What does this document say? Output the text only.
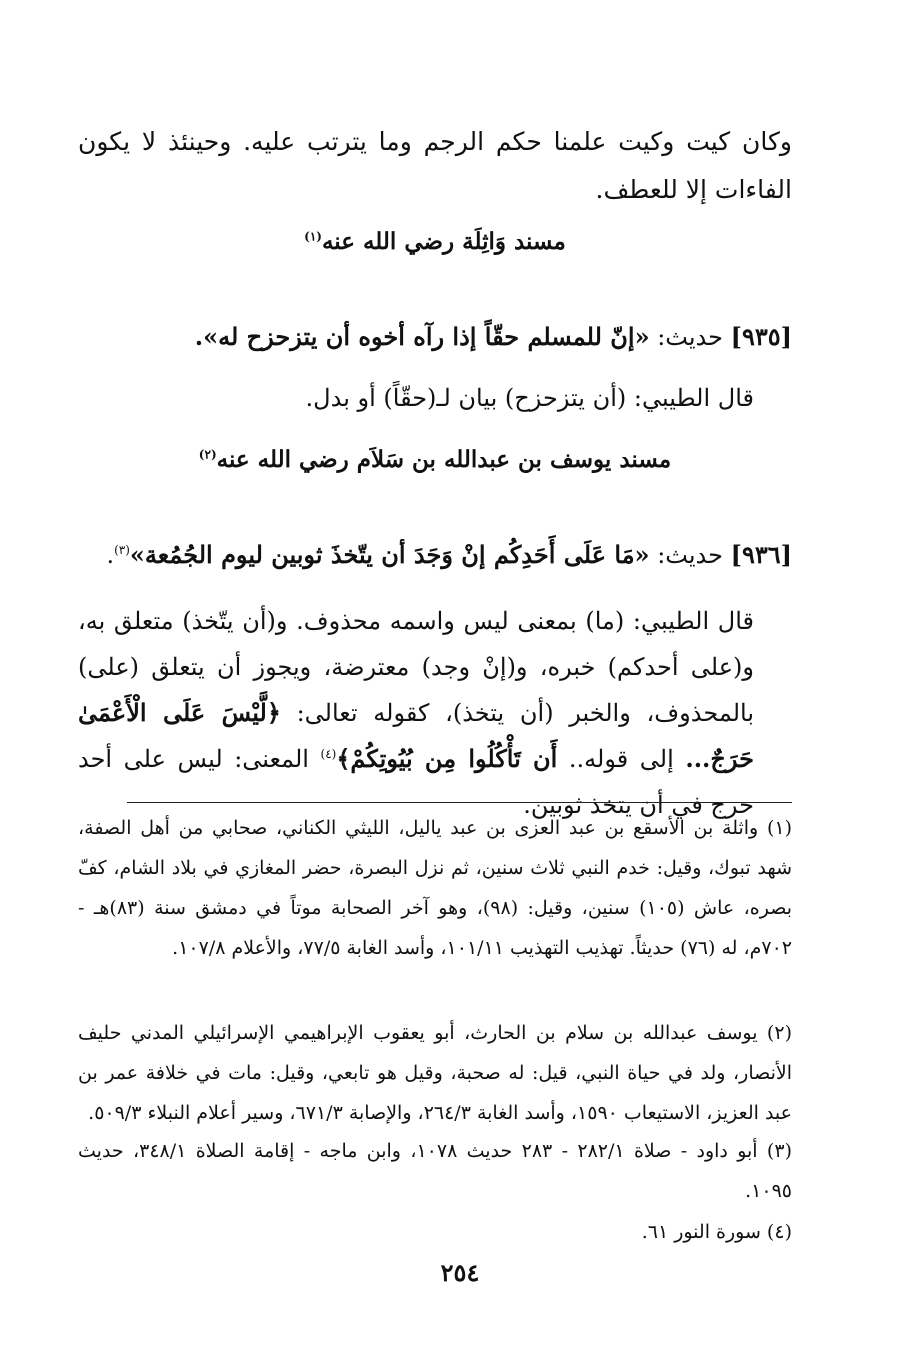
وكان كيت وكيت علمنا حكم الرجم وما يترتب عليه. وحينئذ لا يكون الفاءات إلا للعطف.

مسند وَاثِلَة رضي الله عنه$^{(١)}$

[٩٣٥] حديث: «إنّ للمسلم حقّاً إذا رآه أخوه أن يتزحزح له».

قال الطيبي: (أن يتزحزح) بيان لـ(حقّاً) أو بدل.

مسند يوسف بن عبدالله بن سَلاَم رضي الله عنه$^{(٢)}$

[٩٣٦] حديث: «مَا عَلَى أَحَدِكُم إنْ وَجَدَ أن يتّخذَ ثوبين ليوم الجُمُعة»$^{(٣)}$.

قال الطيبي: (ما) بمعنى ليس واسمه محذوف. و(أن يتّخذ) متعلق به، و(على أحدكم) خبره، و(إنْ وجد) معترضة، ويجوز أن يتعلق (على) بالمحذوف، والخبر (أن يتخذ)، كقوله تعالى: ﴿لَّيْسَ عَلَى الْأَعْمَىٰ حَرَجٌ... إلى قوله.. أَن تَأْكُلُوا مِن بُيُوتِكُمْ﴾$^{(٤)}$ المعنى: ليس على أحد حرج في أن يتخذ ثوبين.

(١) واثلة بن الأسقع بن عبد العزى بن عبد ياليل، الليثي الكناني، صحابي من أهل الصفة، شهد تبوك، وقيل: خدم النبي ثلاث سنين، ثم نزل البصرة، حضر المغازي في بلاد الشام، كفّ بصره، عاش (١٠٥) سنين، وقيل: (٩٨)، وهو آخر الصحابة موتاً في دمشق سنة (٨٣)هـ - ٧٠٢م، له (٧٦) حديثاً. تهذيب التهذيب ١٠١/١١، وأسد الغابة ٧٧/٥، والأعلام ١٠٧/٨.

(٢) يوسف عبدالله بن سلام بن الحارث، أبو يعقوب الإبراهيمي الإسرائيلي المدني حليف الأنصار، ولد في حياة النبي، قيل: له صحبة، وقيل هو تابعي، وقيل: مات في خلافة عمر بن عبد العزيز، الاستيعاب ١٥٩٠، وأسد الغابة ٢٦٤/٣، والإصابة ٦٧١/٣، وسير أعلام النبلاء ٥٠٩/٣.

(٣) أبو داود - صلاة ٢٨٢/١ - ٢٨٣ حديث ١٠٧٨، وابن ماجه - إقامة الصلاة ٣٤٨/١، حديث ١٠٩٥.

(٤) سورة النور ٦١.

٢٥٤
